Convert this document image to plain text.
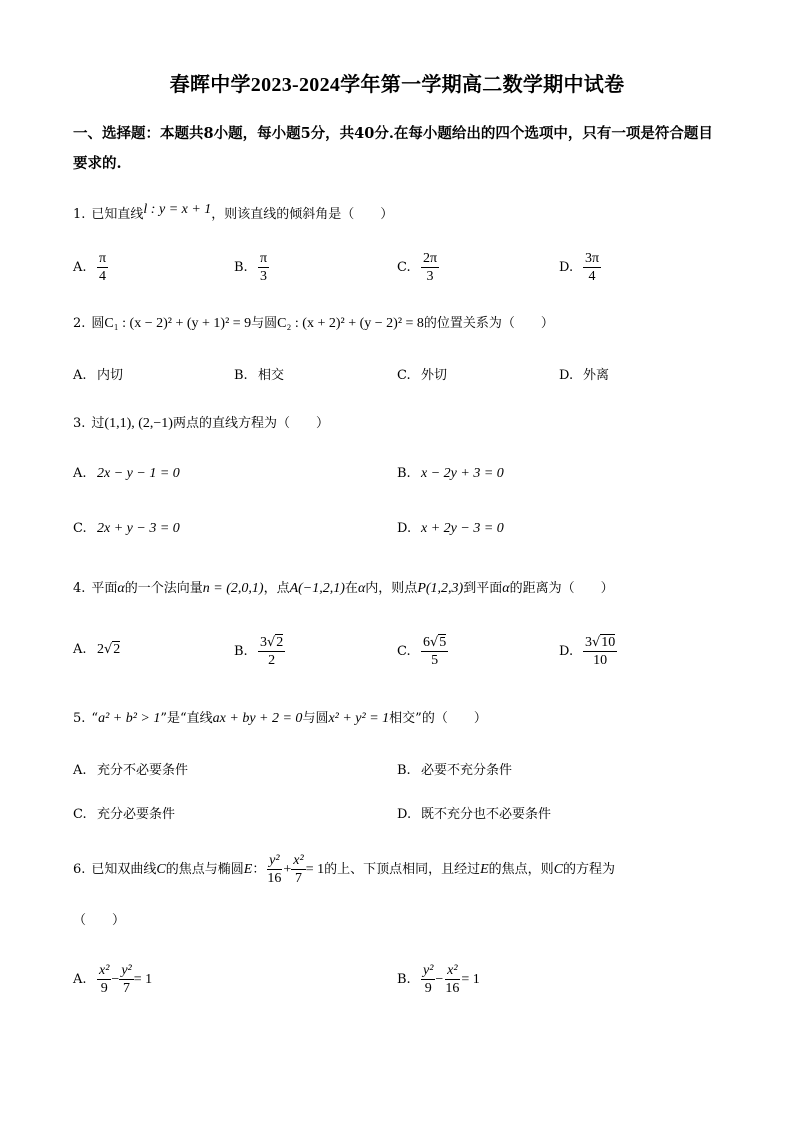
春晖中学2023-2024学年第一学期高二数学期中试卷
一、选择题：本题共8小题，每小题5分，共40分.在每小题给出的四个选项中，只有一项是符合题目要求的.
1. 已知直线l : y = x + 1，则该直线的倾斜角是（　　）
A. $\frac{\pi}{4}$	B. $\frac{\pi}{3}$	C. $\frac{2\pi}{3}$	D. $\frac{3\pi}{4}$
2. 圆C₁ : (x − 2)² + (y + 1)² = 9与圆C₂ : (x + 2)² + (y − 2)² = 8的位置关系为（　　）
A. 内切	B. 相交	C. 外切	D. 外离
3. 过(1,1), (2,−1)两点的直线方程为（　　）
A. 2x − y − 1 = 0	B. x − 2y + 3 = 0
C. 2x + y − 3 = 0	D. x + 2y − 3 = 0
4. 平面α的一个法向量n = (2,0,1)，点A(−1,2,1)在α内，则点P(1,2,3)到平面α的距离为（　　）
A. 2√2	B. $\frac{3√2}{2}$	C. $\frac{6√5}{5}$	D. $\frac{3√10}{10}$
5. “a² + b² > 1”是“直线ax + by + 2 = 0与圆x² + y² = 1相交”的（　　）
A. 充分不必要条件	B. 必要不充分条件
C. 充分必要条件	D. 既不充分也不必要条件
6. 已知双曲线C的焦点与椭圆E： $\frac{\text{y²}}{16} + \frac{\text{x²}}{7} = 1$的上、下顶点相同，且经过E的焦点，则C的方程为
（　　）
A. $\frac{\text{x²}}{9} - \frac{\text{y²}}{7} = 1$	B. $\frac{\text{y²}}{9} - \frac{\text{x²}}{16} = 1$
